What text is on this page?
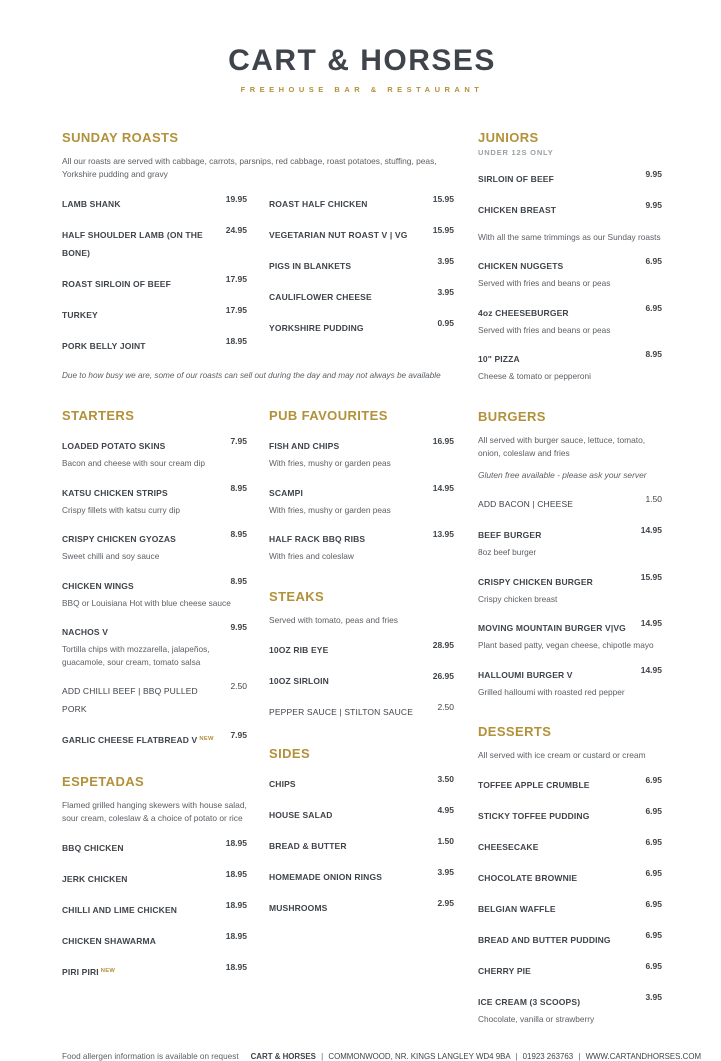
CART & HORSES
FREEHOUSE BAR & RESTAURANT
SUNDAY ROASTS

All our roasts are served with cabbage, carrots, parsnips, red cabbage, roast potatoes, stuffing, peas, Yorkshire pudding and gravy

LAMB SHANK	19.95
HALF SHOULDER LAMB (ON THE BONE)
24.95
ROAST SIRLOIN OF BEEF	17.95
TURKEY	17.95
PORK BELLY JOINT	18.95
ROAST HALF CHICKEN	15.95
VEGETARIAN NUT ROAST V | VG	15.95
PIGS IN BLANKETS	3.95
CAULIFLOWER CHEESE	3.95
YORKSHIRE PUDDING	0.95

Due to how busy we are, some of our roasts can sell out during the day and may not always be available

STARTERS
LOADED POTATO SKINS	7.95

Bacon and cheese with sour cream dip

KATSU CHICKEN STRIPS	8.95

Crispy fillets with katsu curry dip

CRISPY CHICKEN GYOZAS	8.95

Sweet chilli and soy sauce

CHICKEN WINGS	8.95

BBQ or Louisiana Hot with blue cheese sauce

NACHOS V	9.95

Tortilla chips with mozzarella, jalapeños, guacamole, sour cream, tomato salsa

ADD CHILLI BEEF | BBQ PULLED PORK
2.50
GARLIC CHEESE FLATBREAD V NEW 7.95
ESPETADAS

Flamed grilled hanging skewers with house salad, sour cream, coleslaw & a choice of potato or rice

BBQ CHICKEN	18.95
JERK CHICKEN	18.95
CHILLI AND LIME CHICKEN	18.95
CHICKEN SHAWARMA	18.95
PIRI PIRI NEW	18.95
PUB FAVOURITES
FISH AND CHIPS	16.95

With fries, mushy or garden peas

SCAMPI	14.95

With fries, mushy or garden peas

HALF RACK BBQ RIBS	13.95

With fries and coleslaw

STEAKS

Served with tomato, peas and fries

10OZ RIB EYE	28.95
10OZ SIRLOIN	26.95
PEPPER SAUCE | STILTON SAUCE	2.50
SIDES
CHIPS	3.50
HOUSE SALAD	4.95
BREAD & BUTTER	1.50
HOMEMADE ONION RINGS	3.95
MUSHROOMS	2.95
JUNIORS

UNDER 12S ONLY

SIRLOIN OF BEEF	9.95
CHICKEN BREAST	9.95

With all the same trimmings as our Sunday roasts

CHICKEN NUGGETS	6.95

Served with fries and beans or peas

4oz CHEESEBURGER	6.95

Served with fries and beans or peas

10" PIZZA	8.95

Cheese & tomato or pepperoni

BURGERS

All served with burger sauce, lettuce, tomato, onion, coleslaw and fries

Gluten free available - please ask your server

ADD BACON | CHEESE	1.50
BEEF BURGER	14.95

8oz beef burger

CRISPY CHICKEN BURGER	15.95

Crispy chicken breast

MOVING MOUNTAIN BURGER V|VG 14.95

Plant based patty, vegan cheese, chipotle mayo

HALLOUMI BURGER V	14.95

Grilled halloumi with roasted red pepper

DESSERTS

All served with ice cream or custard or cream

TOFFEE APPLE CRUMBLE	6.95
STICKY TOFFEE PUDDING	6.95
CHEESECAKE	6.95
CHOCOLATE BROWNIE	6.95
BELGIAN WAFFLE	6.95
BREAD AND BUTTER PUDDING	6.95
CHERRY PIE	6.95
ICE CREAM (3 SCOOPS)	3.95

Chocolate, vanilla or strawberry

Food allergen information is available on request CART & HORSES | COMMONWOOD, NR. KINGS LANGLEY WD4 9BA | 01923 263763 | WWW.CARTANDHORSES.COM
